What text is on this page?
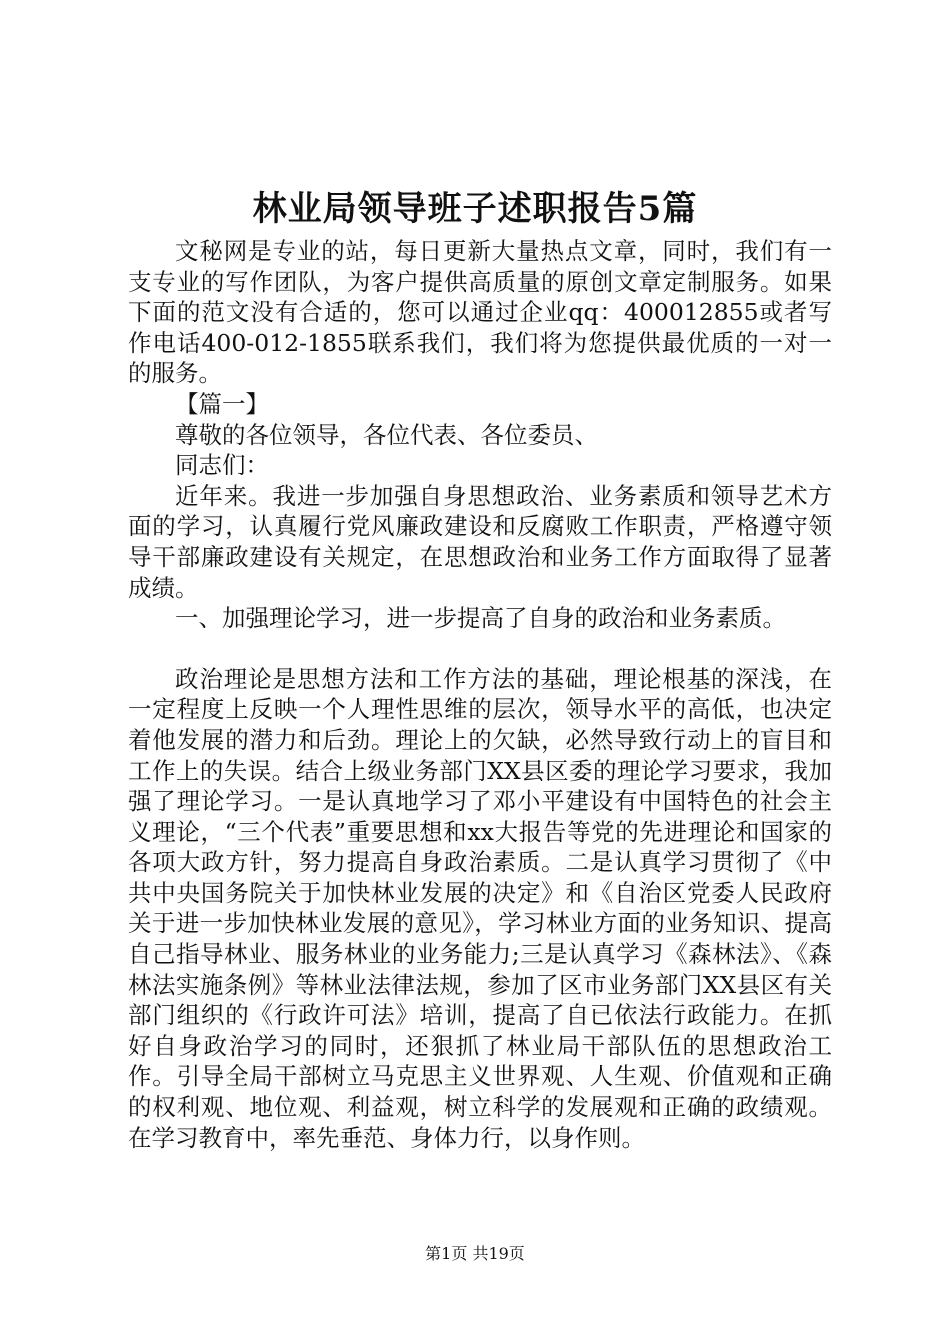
林业局领导班子述职报告5篇

文秘网是专业的站，每日更新大量热点文章，同时，我们有一支专业的写作团队，为客户提供高质量的原创文章定制服务。如果下面的范文没有合适的，您可以通过企业qq：400012855或者写作电话400-012-1855联系我们，我们将为您提供最优质的一对一的服务。

【篇一】

尊敬的各位领导，各位代表、各位委员、

同志们：

近年来。我进一步加强自身思想政治、业务素质和领导艺术方面的学习，认真履行党风廉政建设和反腐败工作职责，严格遵守领导干部廉政建设有关规定，在思想政治和业务工作方面取得了显著成绩。

一、加强理论学习，进一步提高了自身的政治和业务素质。

政治理论是思想方法和工作方法的基础，理论根基的深浅，在一定程度上反映一个人理性思维的层次，领导水平的高低，也决定着他发展的潜力和后劲。理论上的欠缺，必然导致行动上的盲目和工作上的失误。结合上级业务部门XX县区委的理论学习要求，我加强了理论学习。一是认真地学习了邓小平建设有中国特色的社会主义理论，“三个代表”重要思想和xx大报告等党的先进理论和国家的各项大政方针，努力提高自身政治素质。二是认真学习贯彻了《中共中央国务院关于加快林业发展的决定》和《自治区党委人民政府关于进一步加快林业发展的意见》，学习林业方面的业务知识、提高自己指导林业、服务林业的业务能力;三是认真学习《森林法》、《森林法实施条例》等林业法律法规，参加了区市业务部门XX县区有关部门组织的《行政许可法》培训，提高了自已依法行政能力。在抓好自身政治学习的同时，还狠抓了林业局干部队伍的思想政治工作。引导全局干部树立马克思主义世界观、人生观、价值观和正确的权利观、地位观、利益观，树立科学的发展观和正确的政绩观。在学习教育中，率先垂范、身体力行，以身作则。

第1页 共19页
